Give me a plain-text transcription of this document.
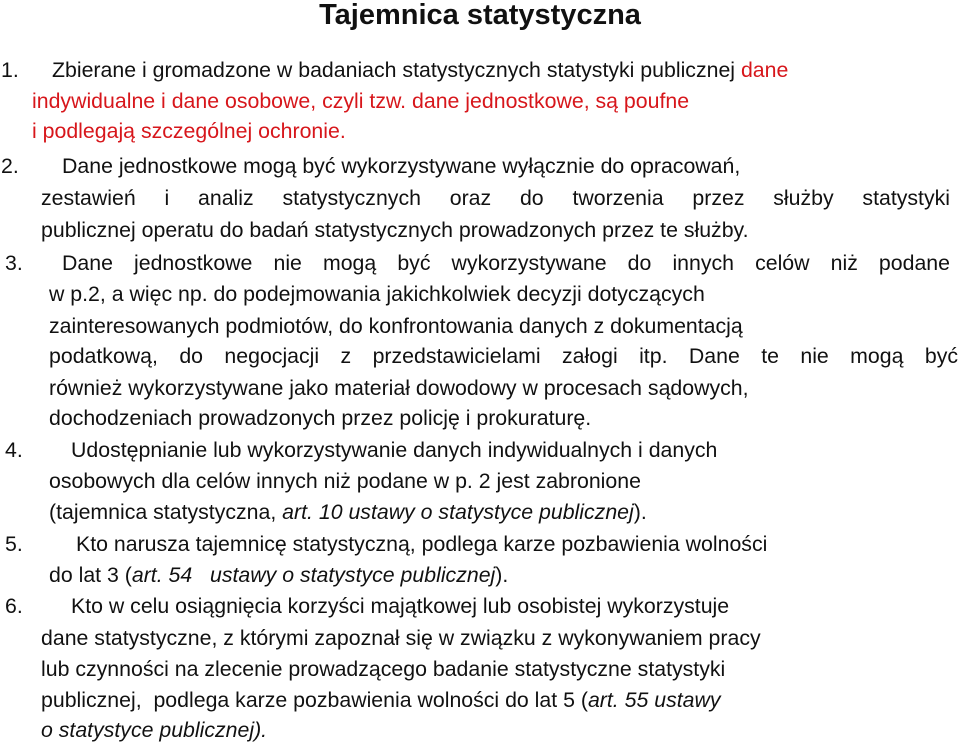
Tajemnica statystyczna
1.	Zbierane i gromadzone w badaniach statystycznych statystyki publicznej dane
indywidualne i dane osobowe, czyli tzw. dane jednostkowe, są poufne
i podlegają szczególnej ochronie.
2.	Dane jednostkowe mogą być wykorzystywane wyłącznie do opracowań,
zestawień i analiz statystycznych oraz do tworzenia przez służby statystyki
publicznej operatu do badań statystycznych prowadzonych przez te służby.
3.	Dane jednostkowe nie mogą być wykorzystywane do innych celów niż podane
w p.2, a więc np. do podejmowania jakichkolwiek decyzji dotyczących
zainteresowanych podmiotów, do konfrontowania danych z dokumentacją
podatkową, do negocjacji z przedstawicielami załogi itp. Dane te nie mogą być
również wykorzystywane jako materiał dowodowy w procesach sądowych,
dochodzeniach prowadzonych przez policję i prokuraturę.
4.	Udostępnianie lub wykorzystywanie danych indywidualnych i danych
osobowych dla celów innych niż podane w p. 2 jest zabronione
(tajemnica statystyczna, art. 10 ustawy o statystyce publicznej).
5.	Kto narusza tajemnicę statystyczną, podlega karze pozbawienia wolności
do lat 3 (art. 54   ustawy o statystyce publicznej).
6.	Kto w celu osiągnięcia korzyści majątkowej lub osobistej wykorzystuje
dane statystyczne, z którymi zapoznał się w związku z wykonywaniem pracy
lub czynności na zlecenie prowadzącego badanie statystyczne statystyki
publicznej,  podlega karze pozbawienia wolności do lat 5 (art. 55 ustawy
o statystyce publicznej).
